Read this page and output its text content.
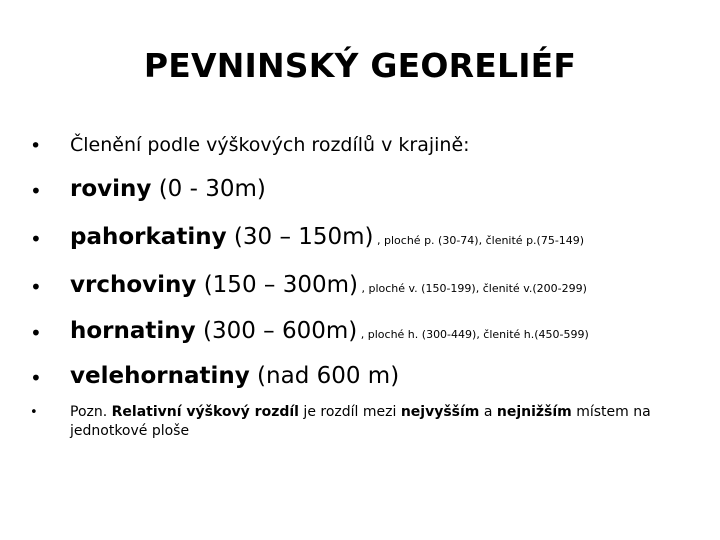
PEVNINSKÝ GEORELIÉF
• Členění podle výškových rozdílů v krajině:
• roviny (0 - 30m)
• pahorkatiny (30 – 150m) , ploché p. (30-74), členité p.(75-149)
• vrchoviny (150 – 300m) , ploché v. (150-199), členité v.(200-299)
• hornatiny (300 – 600m) , ploché h. (300-449), členité h.(450-599)
• velehornatiny (nad 600 m)
• Pozn. Relativní výškový rozdíl je rozdíl mezi nejvyšším a nejnižším místem na jednotkové ploše
